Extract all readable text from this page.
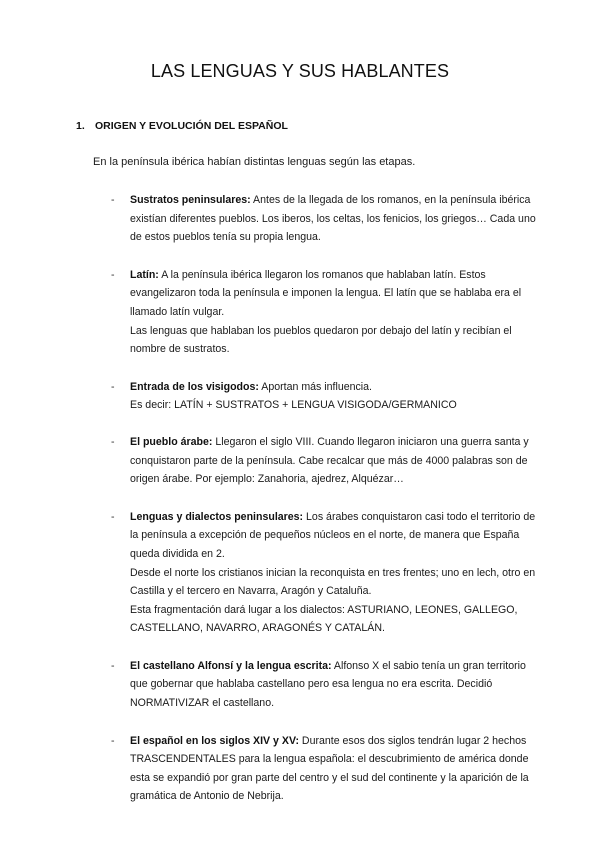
LAS LENGUAS Y SUS HABLANTES
1. ORIGEN Y EVOLUCIÓN DEL ESPAÑOL
En la península ibérica habían distintas lenguas según las etapas.
- Sustratos peninsulares: Antes de la llegada de los romanos, en la península ibérica existían diferentes pueblos. Los iberos, los celtas, los fenicios, los griegos… Cada uno de estos pueblos tenía su propia lengua.

- Latín: A la península ibérica llegaron los romanos que hablaban latín. Estos evangelizaron toda la península e imponen la lengua. El latín que se hablaba era el llamado latín vulgar.

Las lenguas que hablaban los pueblos quedaron por debajo del latín y recibían el nombre de sustratos.

- Entrada de los visigodos: Aportan más influencia.

Es decir: LATÍN + SUSTRATOS + LENGUA VISIGODA/GERMANICO

- El pueblo árabe: Llegaron el siglo VIII. Cuando llegaron iniciaron una guerra santa y conquistaron parte de la península. Cabe recalcar que más de 4000 palabras son de origen árabe. Por ejemplo: Zanahoria, ajedrez, Alquézar…

- Lenguas y dialectos peninsulares: Los árabes conquistaron casi todo el territorio de la península a excepción de pequeños núcleos en el norte, de manera que España queda dividida en 2.

Desde el norte los cristianos inician la reconquista en tres frentes; uno en lech, otro en Castilla y el tercero en Navarra, Aragón y Cataluña.

Esta fragmentación dará lugar a los dialectos: ASTURIANO, LEONES, GALLEGO, CASTELLANO, NAVARRO, ARAGONÉS Y CATALÁN.

- El castellano Alfonsí y la lengua escrita: Alfonso X el sabio tenía un gran territorio que gobernar que hablaba castellano pero esa lengua no era escrita. Decidió NORMATIVIZAR el castellano.

- El español en los siglos XIV y XV: Durante esos dos siglos tendrán lugar 2 hechos TRASCENDENTALES para la lengua española: el descubrimiento de américa donde esta se expandió por gran parte del centro y el sud del continente y la aparición de la gramática de Antonio de Nebrija.
